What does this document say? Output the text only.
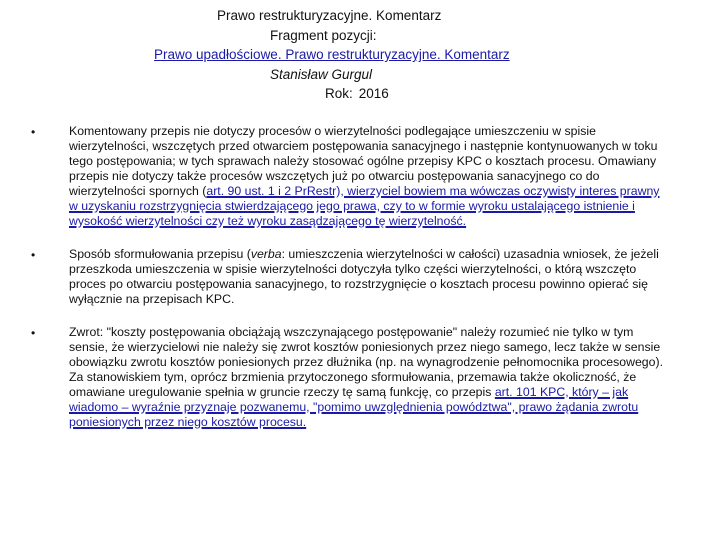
Prawo restrukturyzacyjne. Komentarz
Fragment pozycji:
Prawo upadłościowe. Prawo restrukturyzacyjne. Komentarz
Stanisław Gurgul
Rok: 2016
•	Komentowany przepis nie dotyczy procesów o wierzytelności podlegające umieszczeniu w spisie wierzytelności, wszczętych przed otwarciem postępowania sanacyjnego i następnie kontynuowanych w toku tego postępowania; w tych sprawach należy stosować ogólne przepisy KPC o kosztach procesu. Omawiany przepis nie dotyczy także procesów wszczętych już po otwarciu postępowania sanacyjnego co do wierzytelności spornych (art. 90 ust. 1 i 2 PrRestr), wierzyciel bowiem ma wówczas oczywisty interes prawny w uzyskaniu rozstrzygnięcia stwierdzającego jego prawa, czy to w formie wyroku ustalającego istnienie i wysokość wierzytelności czy też wyroku zasądzającego tę wierzytelność.
•	Sposób sformułowania przepisu (verba: umieszczenia wierzytelności w całości) uzasadnia wniosek, że jeżeli przeszkoda umieszczenia w spisie wierzytelności dotyczyła tylko części wierzytelności, o którą wszczęto proces po otwarciu postępowania sanacyjnego, to rozstrzygnięcie o kosztach procesu powinno opierać się wyłącznie na przepisach KPC.
•	Zwrot: "koszty postępowania obciążają wszczynającego postępowanie" należy rozumieć nie tylko w tym sensie, że wierzycielowi nie należy się zwrot kosztów poniesionych przez niego samego, lecz także w sensie obowiązku zwrotu kosztów poniesionych przez dłużnika (np. na wynagrodzenie pełnomocnika procesowego). Za stanowiskiem tym, oprócz brzmienia przytoczonego sformułowania, przemawia także okoliczność, że omawiane uregulowanie spełnia w gruncie rzeczy tę samą funkcję, co przepis art. 101 KPC, który – jak wiadomo – wyraźnie przyznaje pozwanemu, "pomimo uwzględnienia powództwa", prawo żądania zwrotu poniesionych przez niego kosztów procesu.
